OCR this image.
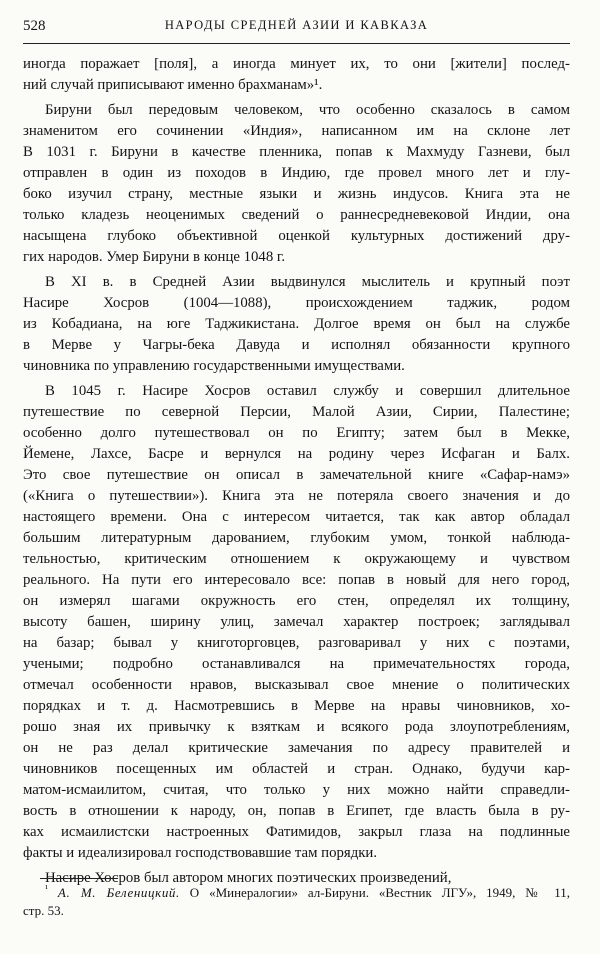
528	НАРОДЫ СРЕДНЕЙ АЗИИ И КАВКАЗА
иногда поражает [поля], а иногда минует их, то они [жители] послед-
ний случай приписывают именно брахманам»¹.
Бируни был передовым человеком, что особенно сказалось в самом
знаменитом его сочинении «Индия», написанном им на склоне лет
В 1031 г. Бируни в качестве пленника, попав к Махмуду Газневи, был
отправлен в один из походов в Индию, где провел много лет и глу-
боко изучил страну, местные языки и жизнь индусов. Книга эта не
только кладезь неоценимых сведений о раннесредневековой Индии, она
насыщена глубоко объективной оценкой культурных достижений дру-
гих народов. Умер Бируни в конце 1048 г.
В XI в. в Средней Азии выдвинулся мыслитель и крупный поэт
Насире Хосров (1004—1088), происхождением таджик, родом
из Кобадиана, на юге Таджикистана. Долгое время он был на службе
в Мерве у Чагры-бека Давуда и исполнял обязанности крупного
чиновника по управлению государственными имуществами.
В 1045 г. Насире Хосров оставил службу и совершил длительное
путешествие по северной Персии, Малой Азии, Сирии, Палестине;
особенно долго путешествовал он по Египту; затем был в Мекке,
Йемене, Лахсе, Басре и вернулся на родину через Исфаган и Балх.
Это свое путешествие он описал в замечательной книге «Сафар-намэ»
(«Книга о путешествии»). Книга эта не потеряла своего значения и до
настоящего времени. Она с интересом читается, так как автор обладал
большим литературным дарованием, глубоким умом, тонкой наблюда-
тельностью, критическим отношением к окружающему и чувством
реального. На пути его интересовало все: попав в новый для него город,
он измерял шагами окружность его стен, определял их толщину,
высоту башен, ширину улиц, замечал характер построек; заглядывал
на базар; бывал у книготорговцев, разговаривал у них с поэтами,
учеными; подробно останавливался на примечательностях города,
отмечал особенности нравов, высказывал свое мнение о политических
порядках и т. д. Насмотревшись в Мерве на нравы чиновников, хо-
рошо зная их привычку к взяткам и всякого рода злоупотреблениям,
он не раз делал критические замечания по адресу правителей и
чиновников посещенных им областей и стран. Однако, будучи кар-
матом-исмаилитом, считая, что только у них можно найти справедли-
вость в отношении к народу, он, попав в Египет, где власть была в ру-
ках исмаилистски настроенных Фатимидов, закрыл глаза на подлинные
факты и идеализировал господствовавшие там порядки.
Насире Хосров был автором многих поэтических произведений,
$^{^1}$ А. М. Беленицкий. О «Минералогии» ал-Бируни. «Вестник ЛГУ», 1949, № 11,
стр. 53.
